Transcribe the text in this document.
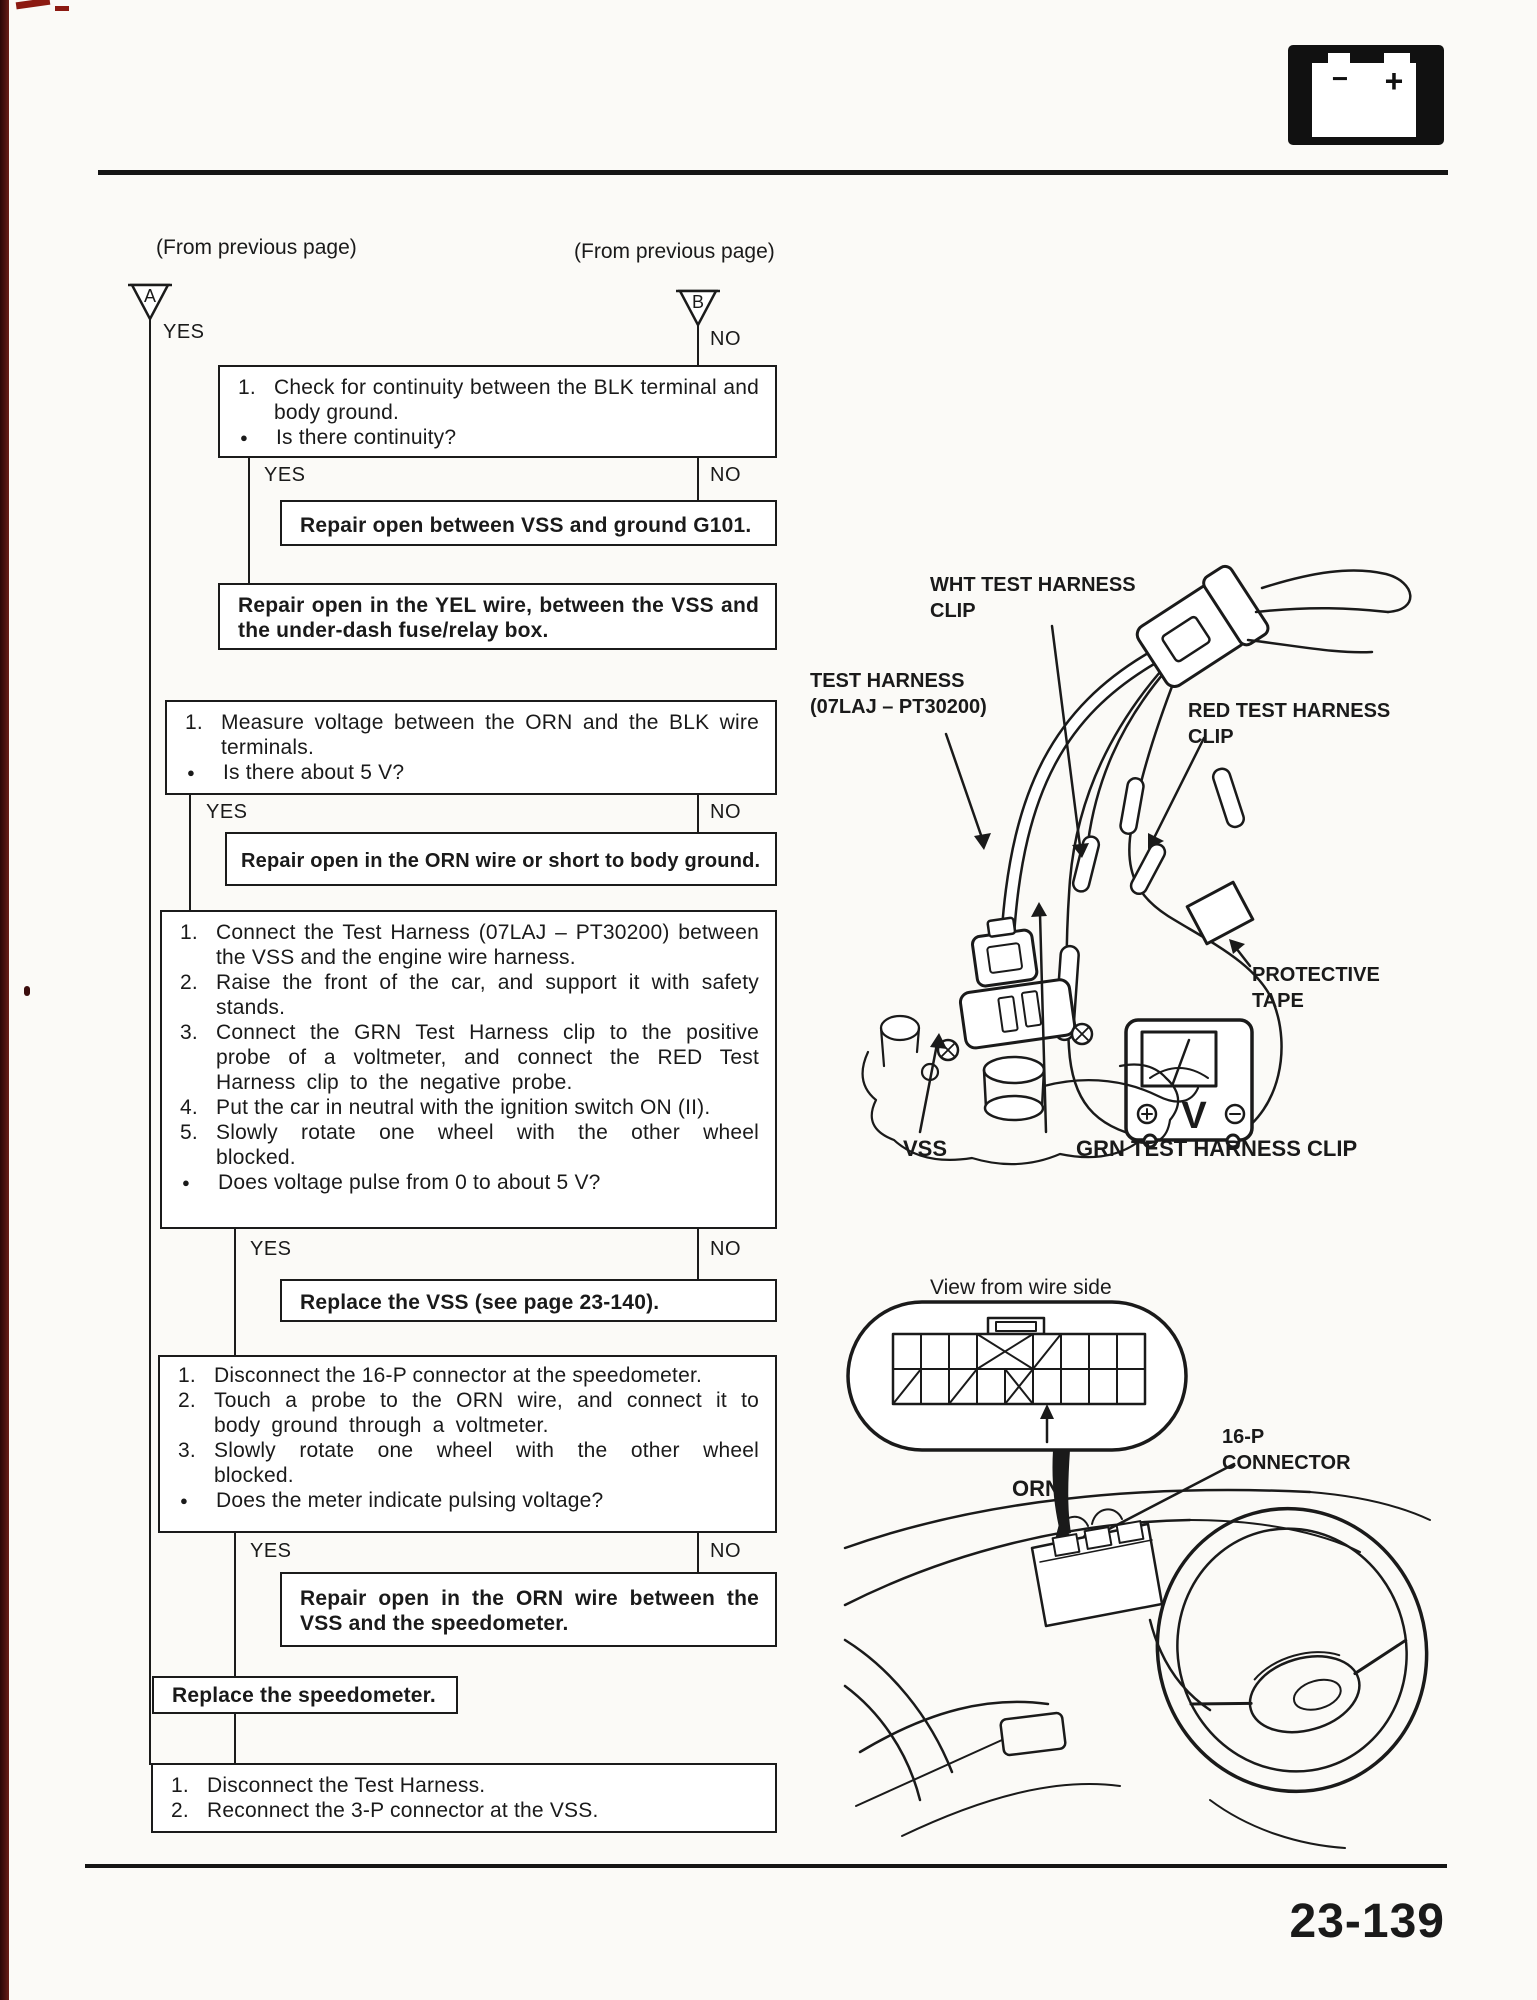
− +
(From previous page)	(From previous page)
A	B
YES	NO
1. Check for continuity between the BLK terminal and body ground.
●	Is there continuity?
YES	NO
Repair open between VSS and ground G101.
Repair open in the YEL wire, between the VSS and the under-dash fuse/relay box.
1. Measure voltage between the ORN and the BLK wire terminals.
●	Is there about 5 V?
YES	NO
Repair open in the ORN wire or short to body ground.
1. Connect the Test Harness (07LAJ – PT30200) between the VSS and the engine wire harness.
2. Raise the front of the car, and support it with safety stands.
3. Connect the GRN Test Harness clip to the positive probe of a voltmeter, and connect the RED Test Harness clip to the negative probe.
4. Put the car in neutral with the ignition switch ON (II).
5. Slowly rotate one wheel with the other wheel blocked.
●	Does voltage pulse from 0 to about 5 V?
YES	NO
Replace the VSS (see page 23-140).
1. Disconnect the 16-P connector at the speedometer.
2. Touch a probe to the ORN wire, and connect it to body ground through a voltmeter.
3. Slowly rotate one wheel with the other wheel blocked.
●	Does the meter indicate pulsing voltage?
YES	NO
Repair open in the ORN wire between the VSS and the speedometer.
Replace the speedometer.
1. Disconnect the Test Harness.
2. Reconnect the 3-P connector at the VSS.
V
WHT TEST HARNESS
CLIP
TEST HARNESS
(07LAJ – PT30200)	RED TEST HARNESS
CLIP
PROTECTIVE
TAPE
VSS	GRN TEST HARNESS CLIP
View from wire side
ORN
16-P
CONNECTOR
23-139
